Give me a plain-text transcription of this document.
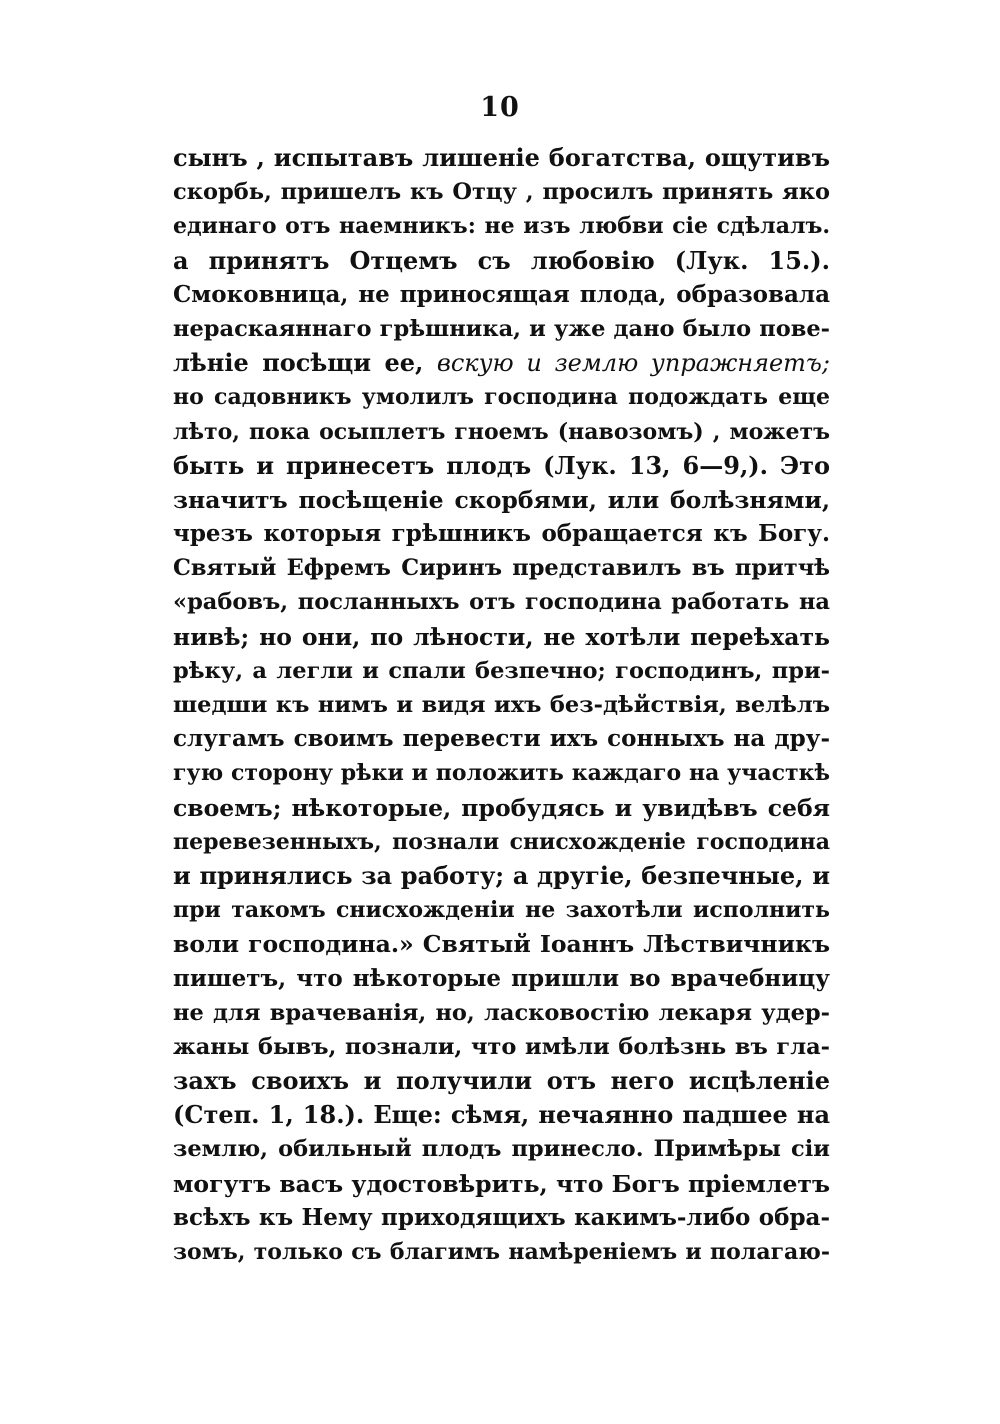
10
сынъ , испытавъ лишеніе богатства, ощутивъ
скорбь, пришелъ къ Отцу , просилъ принять яко
единаго отъ наемникъ: не изъ любви сіе сдѣлалъ.
а принятъ Отцемъ съ любовію (Лук. 15.).
Смоковница, не приносящая плода, образовала
нераскаяннаго грѣшника, и уже дано было пове-
лѣніе посѣщи ее, вскую и землю упражняетъ;
но садовникъ умолилъ господина подождать еще
лѣто, пока осыплетъ гноемъ (навозомъ) , можетъ
быть и принесетъ плодъ (Лук. 13, 6—9,). Это
значитъ посѣщеніе скорбями, или болѣзнями,
чрезъ которыя грѣшникъ обращается къ Богу.
Святый Ефремъ Сиринъ представилъ въ притчѣ
«рабовъ, посланныхъ отъ господина работать на
нивѣ; но они, по лѣности, не хотѣли переѣхать
рѣку, а легли и спали безпечно; господинъ, при-
шедши къ нимъ и видя ихъ без-дѣйствія, велѣлъ
слугамъ своимъ перевести ихъ сонныхъ на дру-
гую сторону рѣки и положить каждаго на участкѣ
своемъ; нѣкоторые, пробудясь и увидѣвъ себя
перевезенныхъ, познали снисхожденіе господина
и принялись за работу; а другіе, безпечные, и
при такомъ снисхожденіи не захотѣли исполнить
воли господина.» Святый Іоаннъ Лѣствичникъ
пишетъ, что нѣкоторые пришли во врачебницу
не для врачеванія, но, ласковостію лекаря удер-
жаны бывъ, познали, что имѣли болѣзнь въ гла-
захъ своихъ и получили отъ него исцѣленіе
(Степ. 1, 18.). Еще: сѣмя, нечаянно падшее на
землю, обильный плодъ принесло. Примѣры сіи
могутъ васъ удостовѣрить, что Богъ пріемлетъ
всѣхъ къ Нему приходящихъ какимъ-либо обра-
зомъ, только съ благимъ намѣреніемъ и полагаю-
